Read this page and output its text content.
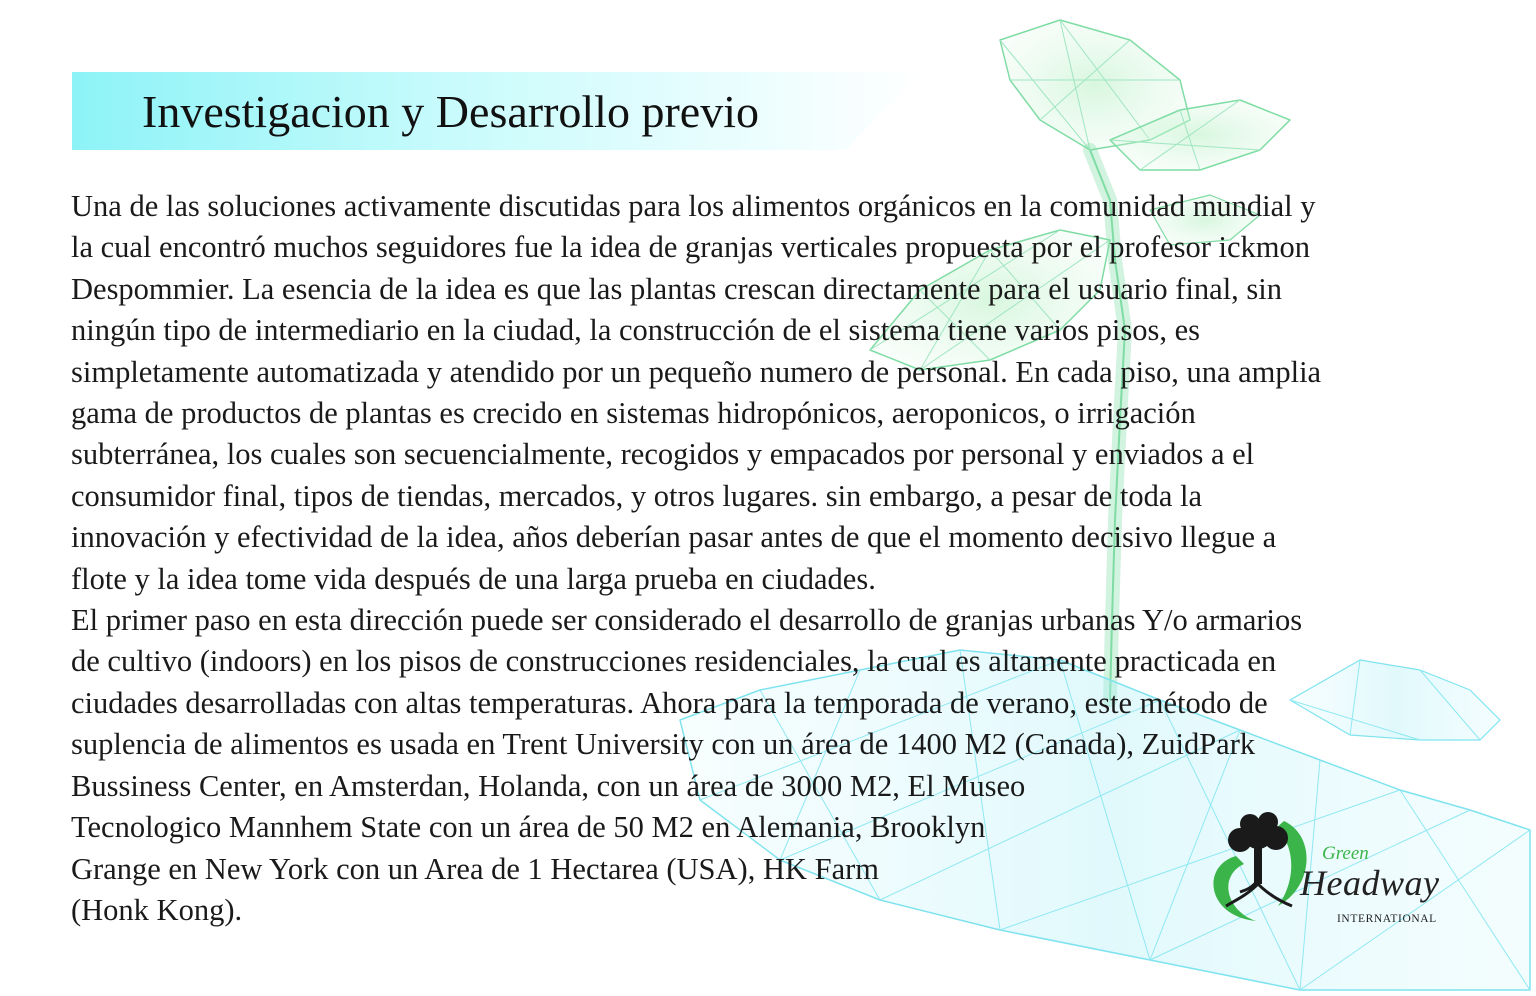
Investigacion y Desarrollo previo

Una de las soluciones activamente discutidas para los alimentos orgánicos en la comunidad mundial y
la cual encontró muchos seguidores fue la idea de granjas verticales propuesta por el profesor ickmon
Despommier. La esencia de la idea es que las plantas crescan directamente para el usuario final, sin
ningún tipo de intermediario en la ciudad, la construcción de el sistema tiene varios pisos, es
simpletamente automatizada y atendido por un pequeño numero de personal. En cada piso, una amplia
gama de productos de plantas es crecido en sistemas hidropónicos, aeroponicos, o irrigación
subterránea, los cuales son secuencialmente, recogidos y empacados por personal y enviados a el
consumidor final, tipos de tiendas, mercados, y otros lugares. sin embargo, a pesar de toda la
innovación y efectividad de la idea, años deberían pasar antes de que el momento decisivo llegue a
flote y la idea tome vida después de una larga prueba en ciudades.

El primer paso en esta dirección puede ser considerado el desarrollo de granjas urbanas Y/o armarios
de cultivo (indoors) en los pisos de construcciones residenciales, la cual es altamente practicada en
ciudades desarrolladas con altas temperaturas. Ahora para la temporada de verano, este método de
suplencia de alimentos es usada en Trent University con un área de 1400 M2 (Canada), ZuidPark
Bussiness Center, en Amsterdan, Holanda, con un área de 3000 M2, El Museo
Tecnologico Mannhem State con un área de 50 M2 en Alemania, Brooklyn
Grange en New York con un Area de 1 Hectarea (USA), HK Farm
(Honk Kong).

Green
Headway
INTERNATIONAL
